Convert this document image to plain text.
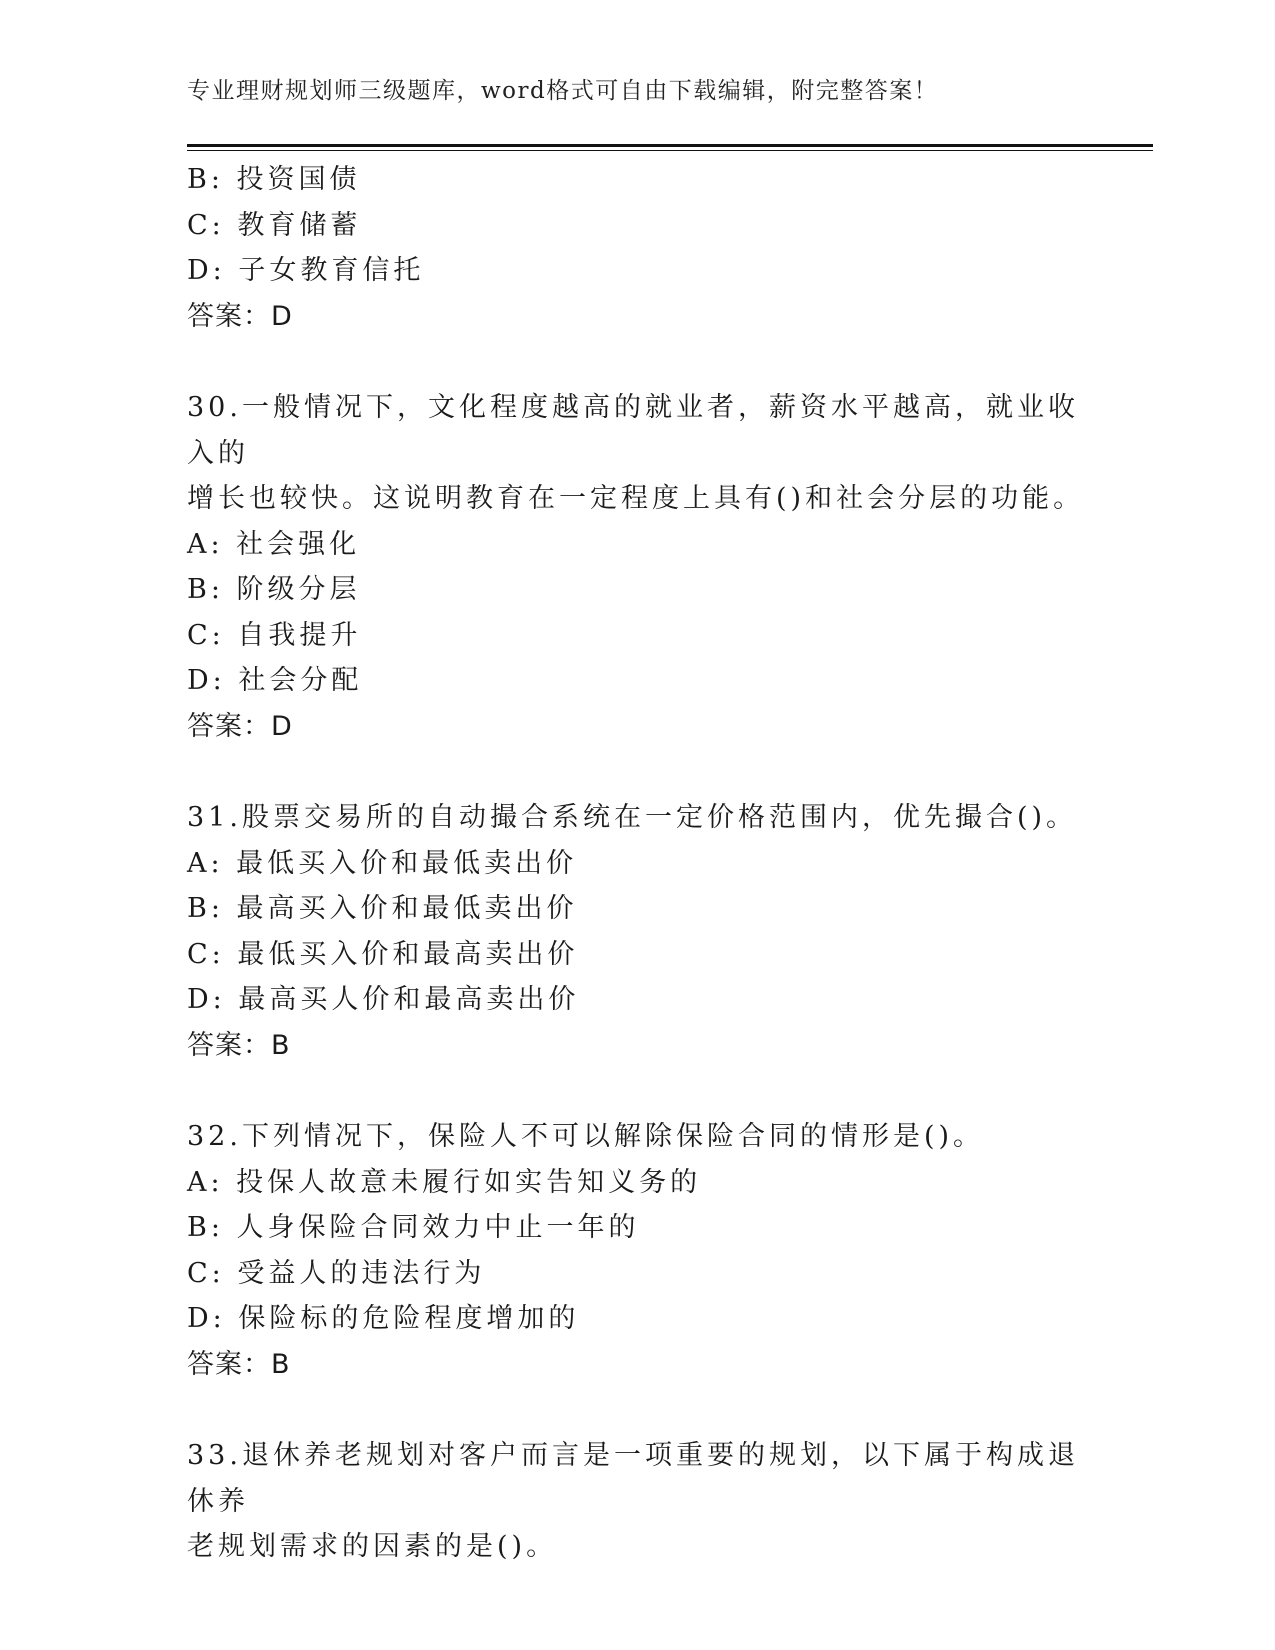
专业理财规划师三级题库，word格式可自由下载编辑，附完整答案！
B: 投资国债
C: 教育储蓄
D: 子女教育信托
答案：D
30.一般情况下，文化程度越高的就业者，薪资水平越高，就业收入的
增长也较快。这说明教育在一定程度上具有()和社会分层的功能。
A: 社会强化
B: 阶级分层
C: 自我提升
D: 社会分配
答案：D
31.股票交易所的自动撮合系统在一定价格范围内，优先撮合()。
A: 最低买入价和最低卖出价
B: 最高买入价和最低卖出价
C: 最低买入价和最高卖出价
D: 最高买人价和最高卖出价
答案：B
32.下列情况下，保险人不可以解除保险合同的情形是()。
A: 投保人故意未履行如实告知义务的
B: 人身保险合同效力中止一年的
C: 受益人的违法行为
D: 保险标的危险程度增加的
答案：B
33.退休养老规划对客户而言是一项重要的规划，以下属于构成退休养
老规划需求的因素的是()。
